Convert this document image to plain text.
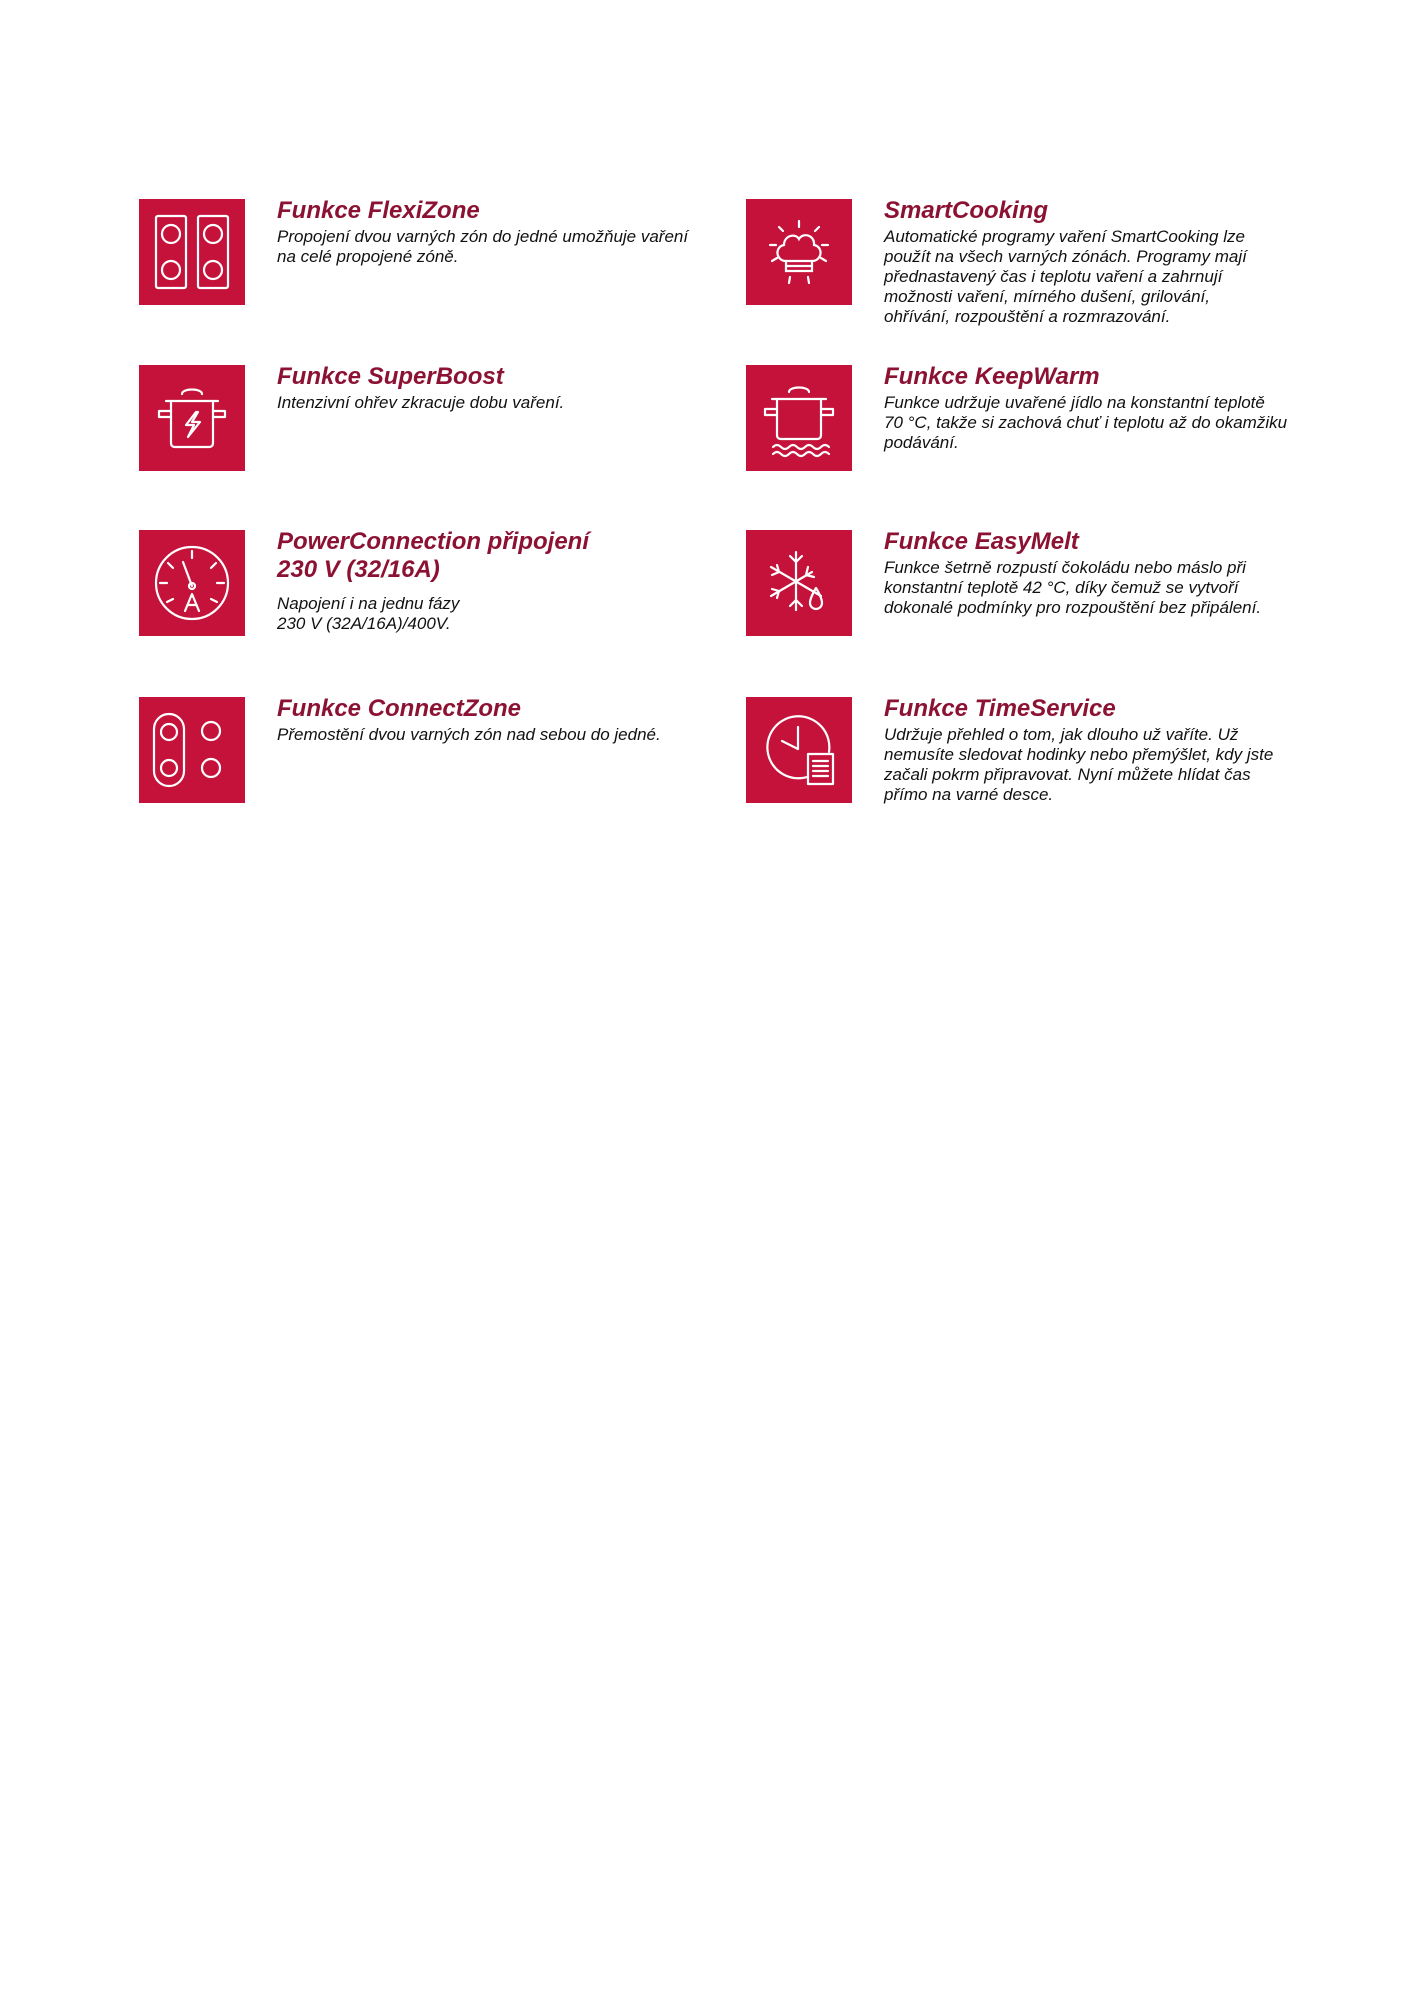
Funkce FlexiZone

Propojení dvou varných zón do jedné umožňuje vaření
na celé propojené zóně.

SmartCooking

Automatické programy vaření SmartCooking lze
použít na všech varných zónách. Programy mají
přednastavený čas i teplotu vaření a zahrnují
možnosti vaření, mírného dušení, grilování,
ohřívání, rozpouštění a rozmrazování.

Funkce SuperBoost

Intenzivní ohřev zkracuje dobu vaření.

Funkce KeepWarm

Funkce udržuje uvařené jídlo na konstantní teplotě
70 °C, takže si zachová chuť i teplotu až do okamžiku
podávání.

PowerConnection připojení
230 V (32/16A)

Napojení i na jednu fázy
230 V (32A/16A)/400V.

Funkce EasyMelt

Funkce šetrně rozpustí čokoládu nebo máslo při
konstantní teplotě 42 °C, díky čemuž se vytvoří
dokonalé podmínky pro rozpouštění bez připálení.

Funkce ConnectZone

Přemostění dvou varných zón nad sebou do jedné.

Funkce TimeService

Udržuje přehled o tom, jak dlouho už vaříte. Už
nemusíte sledovat hodinky nebo přemýšlet, kdy jste
začali pokrm připravovat. Nyní můžete hlídat čas
přímo na varné desce.
